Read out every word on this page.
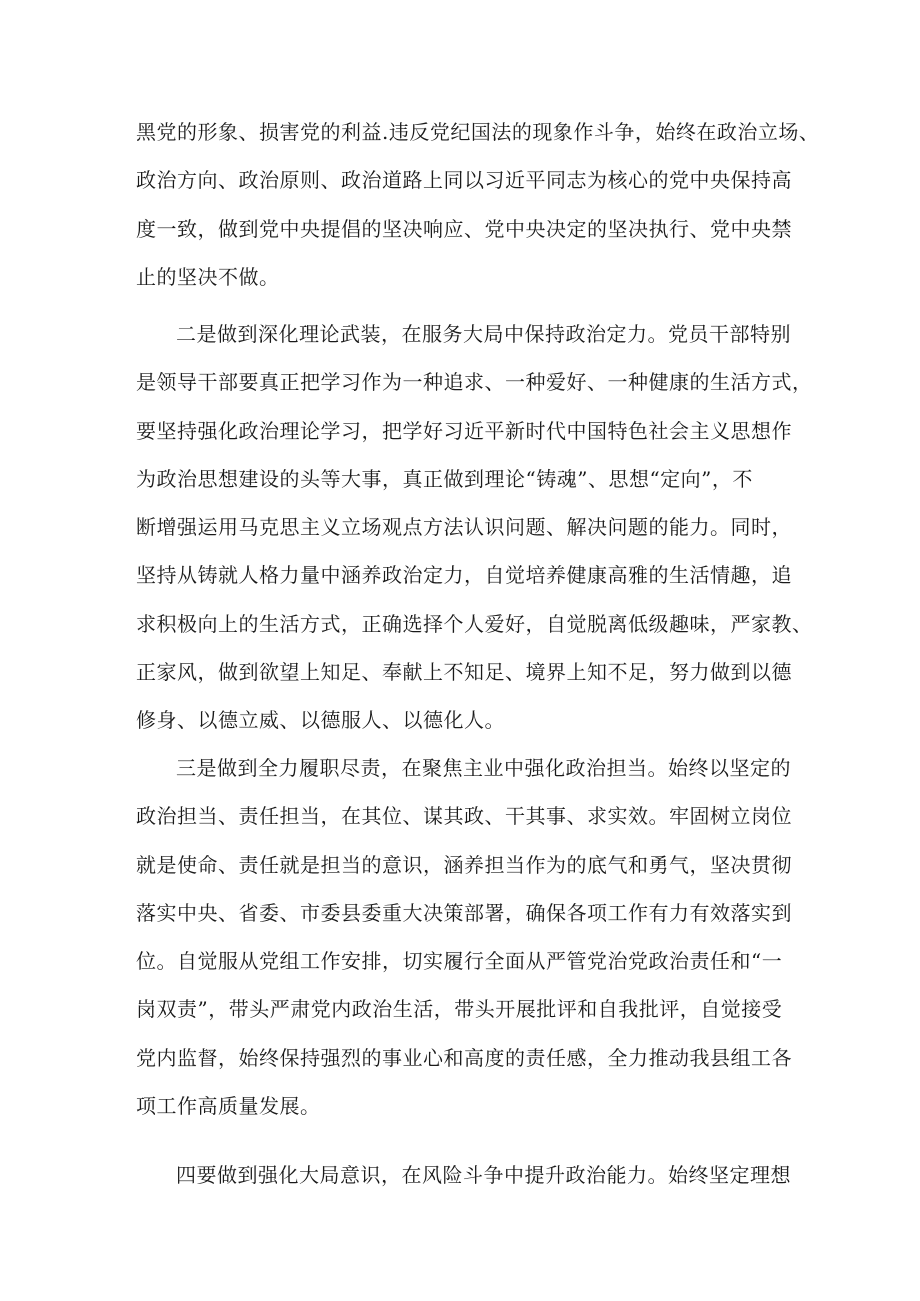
黑党的形象、损害党的利益.违反党纪国法的现象作斗争，始终在政治立场、
政治方向、政治原则、政治道路上同以习近平同志为核心的党中央保持高
度一致，做到党中央提倡的坚决响应、党中央决定的坚决执行、党中央禁
止的坚决不做。
二是做到深化理论武装，在服务大局中保持政治定力。党员干部特别
是领导干部要真正把学习作为一种追求、一种爱好、一种健康的生活方式，
要坚持强化政治理论学习，把学好习近平新时代中国特色社会主义思想作
为政治思想建设的头等大事，真正做到理论“铸魂”、思想“定向”，不
断增强运用马克思主义立场观点方法认识问题、解决问题的能力。同时，
坚持从铸就人格力量中涵养政治定力，自觉培养健康高雅的生活情趣，追
求积极向上的生活方式，正确选择个人爱好，自觉脱离低级趣味，严家教、
正家风，做到欲望上知足、奉献上不知足、境界上知不足，努力做到以德
修身、以德立威、以德服人、以德化人。
三是做到全力履职尽责，在聚焦主业中强化政治担当。始终以坚定的
政治担当、责任担当，在其位、谋其政、干其事、求实效。牢固树立岗位
就是使命、责任就是担当的意识，涵养担当作为的底气和勇气，坚决贯彻
落实中央、省委、市委县委重大决策部署，确保各项工作有力有效落实到
位。自觉服从党组工作安排，切实履行全面从严管党治党政治责任和“一
岗双责”，带头严肃党内政治生活，带头开展批评和自我批评，自觉接受
党内监督，始终保持强烈的事业心和高度的责任感，全力推动我县组工各
项工作高质量发展。
四要做到强化大局意识，在风险斗争中提升政治能力。始终坚定理想
